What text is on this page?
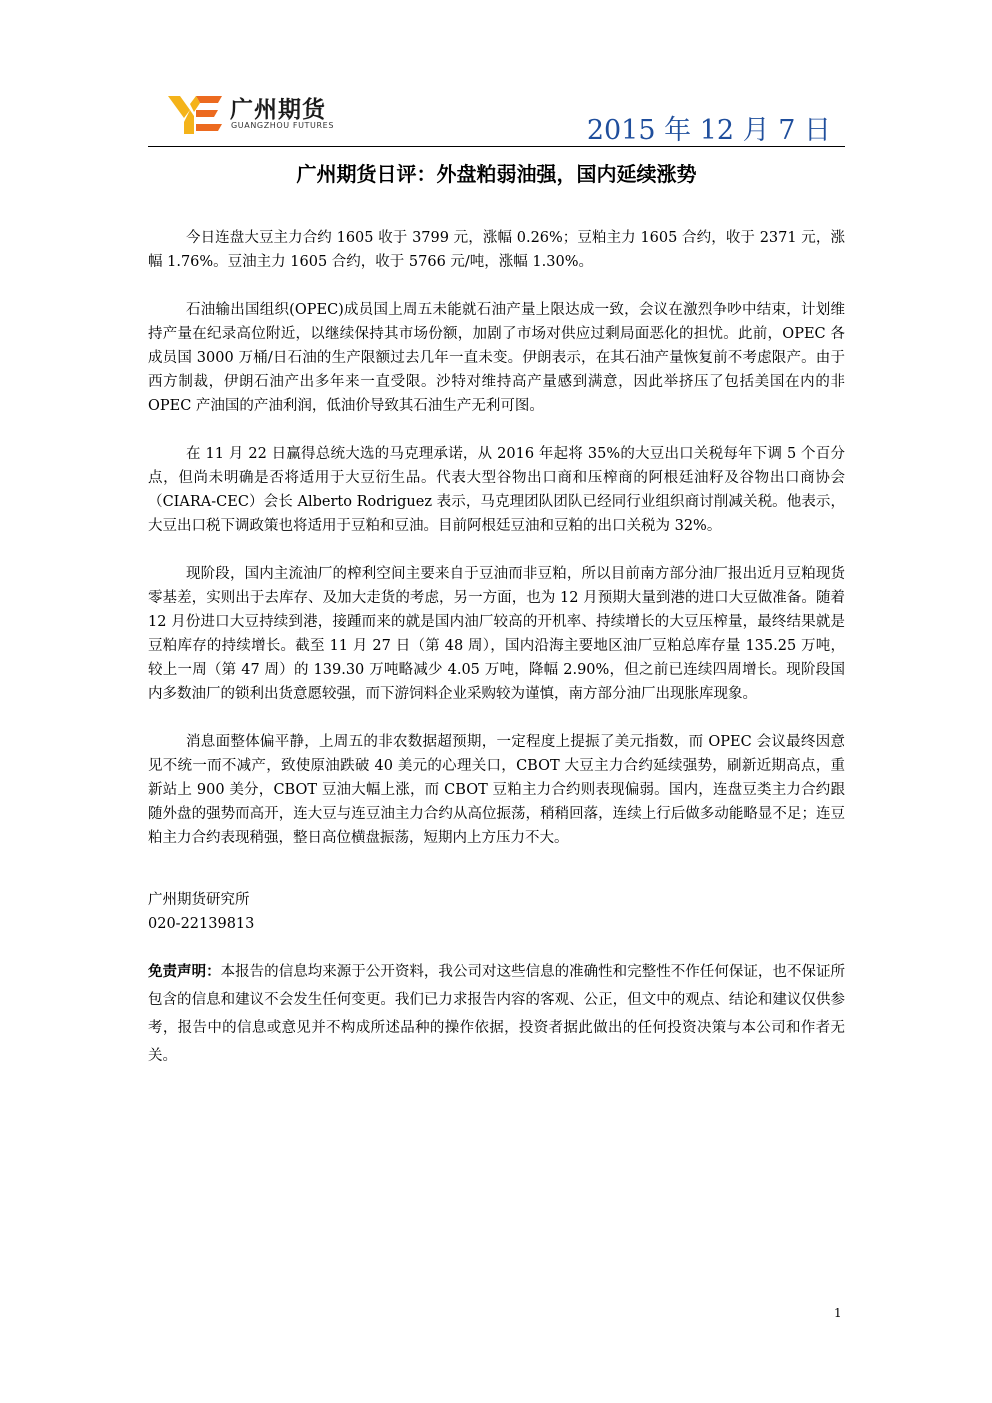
广州期货
GUANGZHOU FUTURES	2015 年 12 月 7 日
广州期货日评：外盘粕弱油强，国内延续涨势

今日连盘大豆主力合约 1605 收于 3799 元，涨幅 0.26%；豆粕主力 1605 合约，收于 2371 元，涨幅 1.76%。豆油主力 1605 合约，收于 5766 元/吨，涨幅 1.30%。

石油输出国组织(OPEC)成员国上周五未能就石油产量上限达成一致，会议在激烈争吵中结束，计划维持产量在纪录高位附近，以继续保持其市场份额，加剧了市场对供应过剩局面恶化的担忧。此前，OPEC 各成员国 3000 万桶/日石油的生产限额过去几年一直未变。伊朗表示，在其石油产量恢复前不考虑限产。由于西方制裁，伊朗石油产出多年来一直受限。沙特对维持高产量感到满意，因此举挤压了包括美国在内的非 OPEC 产油国的产油利润，低油价导致其石油生产无利可图。

在 11 月 22 日赢得总统大选的马克理承诺，从 2016 年起将 35%的大豆出口关税每年下调 5 个百分点，但尚未明确是否将适用于大豆衍生品。代表大型谷物出口商和压榨商的阿根廷油籽及谷物出口商协会（CIARA-CEC）会长 Alberto Rodriguez 表示，马克理团队团队已经同行业组织商讨削减关税。他表示，大豆出口税下调政策也将适用于豆粕和豆油。目前阿根廷豆油和豆粕的出口关税为 32%。

现阶段，国内主流油厂的榨利空间主要来自于豆油而非豆粕，所以目前南方部分油厂报出近月豆粕现货零基差，实则出于去库存、及加大走货的考虑，另一方面，也为 12 月预期大量到港的进口大豆做准备。随着 12 月份进口大豆持续到港，接踵而来的就是国内油厂较高的开机率、持续增长的大豆压榨量，最终结果就是豆粕库存的持续增长。截至 11 月 27 日（第 48 周），国内沿海主要地区油厂豆粕总库存量 135.25 万吨，较上一周（第 47 周）的 139.30 万吨略减少 4.05 万吨，降幅 2.90%，但之前已连续四周增长。现阶段国内多数油厂的锁利出货意愿较强，而下游饲料企业采购较为谨慎，南方部分油厂出现胀库现象。

消息面整体偏平静，上周五的非农数据超预期，一定程度上提振了美元指数，而 OPEC 会议最终因意见不统一而不减产，致使原油跌破 40 美元的心理关口，CBOT 大豆主力合约延续强势，刷新近期高点，重新站上 900 美分，CBOT 豆油大幅上涨，而 CBOT 豆粕主力合约则表现偏弱。国内，连盘豆类主力合约跟随外盘的强势而高开，连大豆与连豆油主力合约从高位振荡，稍稍回落，连续上行后做多动能略显不足；连豆粕主力合约表现稍强，整日高位横盘振荡，短期内上方压力不大。

广州期货研究所
020-22139813
免责声明：本报告的信息均来源于公开资料，我公司对这些信息的准确性和完整性不作任何保证，也不保证所包含的信息和建议不会发生任何变更。我们已力求报告内容的客观、公正，但文中的观点、结论和建议仅供参考，报告中的信息或意见并不构成所述品种的操作依据，投资者据此做出的任何投资决策与本公司和作者无关。
1
